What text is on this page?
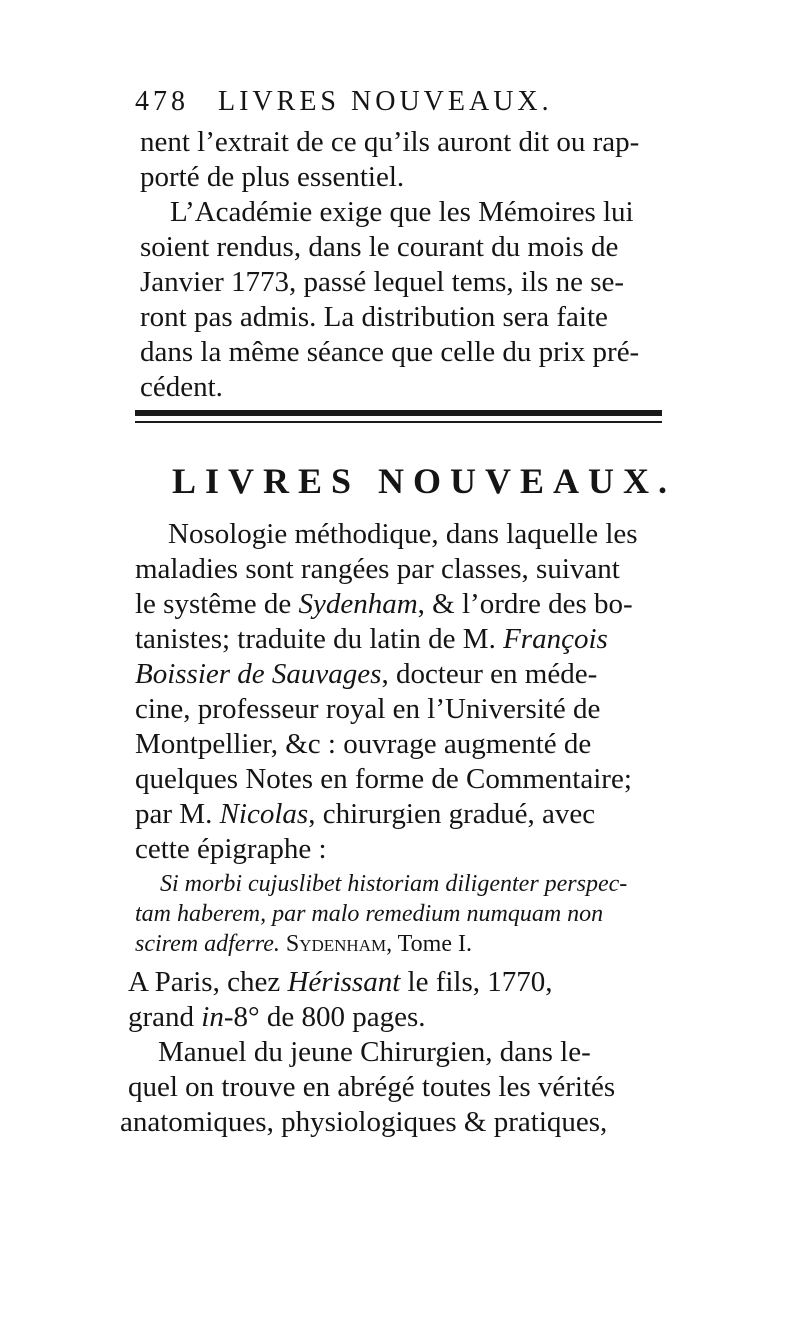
478 LIVRES NOUVEAUX.
nent l’extrait de ce qu’ils auront dit ou rap-
porté de plus essentiel.
L’Académie exige que les Mémoires lui
soient rendus, dans le courant du mois de
Janvier 1773, passé lequel tems, ils ne se-
ront pas admis. La distribution sera faite
dans la même séance que celle du prix pré-
cédent.
LIVRES NOUVEAUX.
Nosologie méthodique, dans laquelle les
maladies sont rangées par classes, suivant
le systême de Sydenham, & l’ordre des bo-
tanistes; traduite du latin de M. François
Boissier de Sauvages, docteur en méde-
cine, professeur royal en l’Université de
Montpellier, &c : ouvrage augmenté de
quelques Notes en forme de Commentaire;
par M. Nicolas, chirurgien gradué, avec
cette épigraphe :
Si morbi cujuslibet historiam diligenter perspec-
tam haberem, par malo remedium numquam non
scirem adferre. Sydenham, Tome I.
A Paris, chez Hérissant le fils, 1770,
grand in-8° de 800 pages.
Manuel du jeune Chirurgien, dans le-
quel on trouve en abrégé toutes les vérités
anatomiques, physiologiques & pratiques,
